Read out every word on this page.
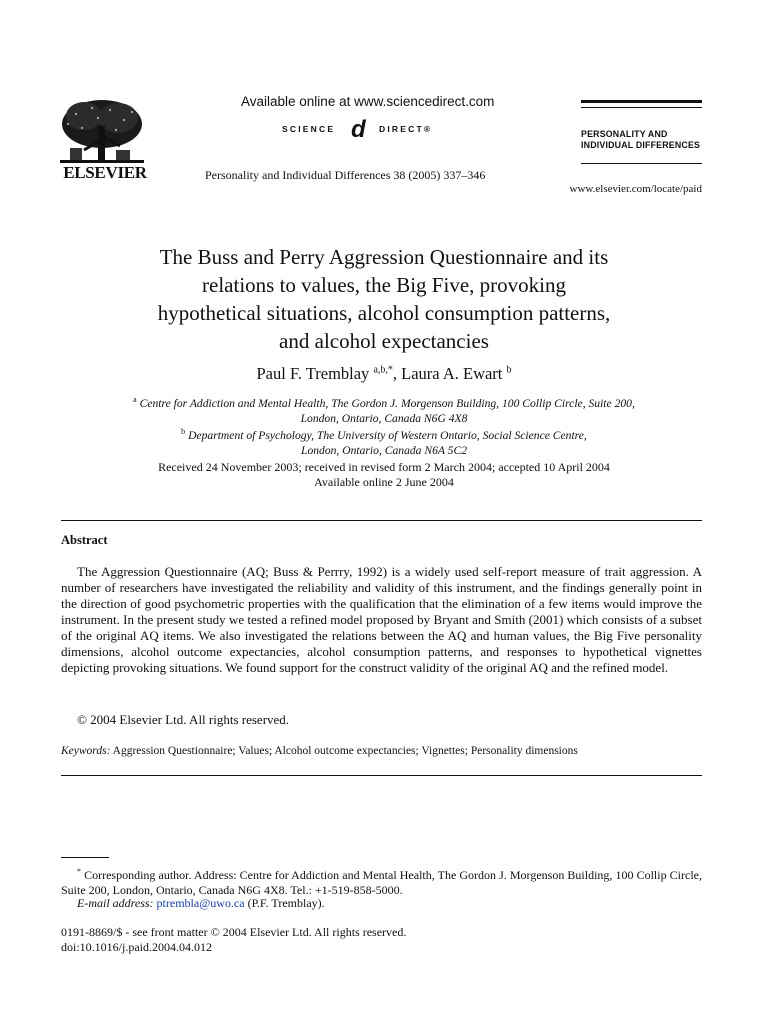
ELSEVIER
Available online at www.sciencedirect.com
SCIENCE d DIRECT®
Personality and Individual Differences 38 (2005) 337–346
PERSONALITY AND
INDIVIDUAL DIFFERENCES
www.elsevier.com/locate/paid
The Buss and Perry Aggression Questionnaire and its
relations to values, the Big Five, provoking
hypothetical situations, alcohol consumption patterns,
and alcohol expectancies
Paul F. Tremblay $^{a,b,*}$, Laura A. Ewart $^b$
$^a$ Centre for Addiction and Mental Health, The Gordon J. Morgenson Building, 100 Collip Circle, Suite 200,
London, Ontario, Canada N6G 4X8
$^b$ Department of Psychology, The University of Western Ontario, Social Science Centre,
London, Ontario, Canada N6A 5C2
Received 24 November 2003; received in revised form 2 March 2004; accepted 10 April 2004
Available online 2 June 2004
Abstract
The Aggression Questionnaire (AQ; Buss & Perrry, 1992) is a widely used self-report measure of trait aggression. A number of researchers have investigated the reliability and validity of this instrument, and the findings generally point in the direction of good psychometric properties with the qualification that the elimination of a few items would improve the instrument. In the present study we tested a refined model proposed by Bryant and Smith (2001) which consists of a subset of the original AQ items. We also investigated the relations between the AQ and human values, the Big Five personality dimensions, alcohol outcome expectancies, alcohol consumption patterns, and responses to hypothetical vignettes depicting provoking situations. We found support for the construct validity of the original AQ and the refined model.
© 2004 Elsevier Ltd. All rights reserved.
Keywords: Aggression Questionnaire; Values; Alcohol outcome expectancies; Vignettes; Personality dimensions
* Corresponding author. Address: Centre for Addiction and Mental Health, The Gordon J. Morgenson Building, 100 Collip Circle, Suite 200, London, Ontario, Canada N6G 4X8. Tel.: +1-519-858-5000.
E-mail address: ptrembla@uwo.ca (P.F. Tremblay).
0191-8869/$ - see front matter © 2004 Elsevier Ltd. All rights reserved.
doi:10.1016/j.paid.2004.04.012
